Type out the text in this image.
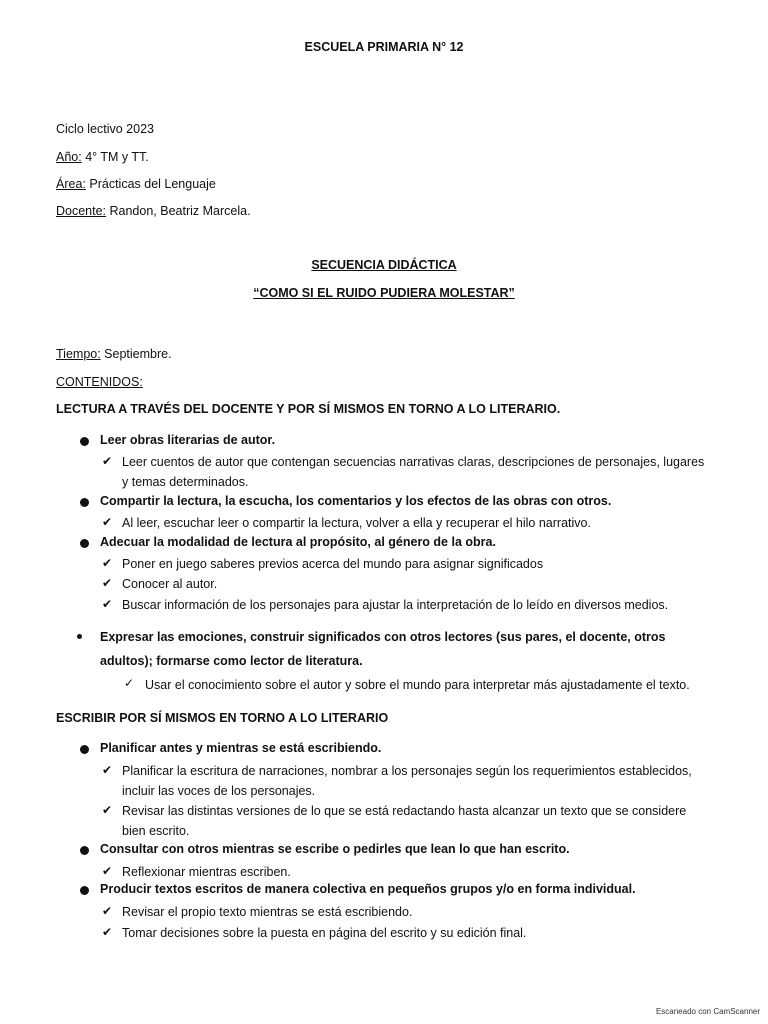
ESCUELA PRIMARIA N° 12
Ciclo lectivo 2023
Año: 4° TM y TT.
Área: Prácticas del Lenguaje
Docente: Randon, Beatriz Marcela.
SECUENCIA DIDÁCTICA
“COMO SI EL RUIDO PUDIERA MOLESTAR”
Tiempo: Septiembre.
CONTENIDOS:
LECTURA A TRAVÉS DEL DOCENTE Y POR SÍ MISMOS EN TORNO A LO LITERARIO.
Leer obras literarias de autor.
✔ Leer cuentos de autor que contengan secuencias narrativas claras, descripciones de personajes, lugares y temas determinados.
Compartir la lectura, la escucha, los comentarios y los efectos de las obras con otros.
✔ Al leer, escuchar leer o compartir la lectura, volver a ella y recuperar el hilo narrativo.
Adecuar la modalidad de lectura al propósito, al género de la obra.
✔ Poner en juego saberes previos acerca del mundo para asignar significados
✔ Conocer al autor.
✔ Buscar información de los personajes para ajustar la interpretación de lo leído en diversos medios.
Expresar las emociones, construir significados con otros lectores (sus pares, el docente, otros adultos); formarse como lector de literatura.
✓ Usar el conocimiento sobre el autor y sobre el mundo para interpretar más ajustadamente el texto.
ESCRIBIR POR SÍ MISMOS EN TORNO A LO LITERARIO
Planificar antes y mientras se está escribiendo.
✔ Planificar la escritura de narraciones, nombrar a los personajes según los requerimientos establecidos, incluir las voces de los personajes.
✔ Revisar las distintas versiones de lo que se está redactando hasta alcanzar un texto que se considere bien escrito.
Consultar con otros mientras se escribe o pedirles que lean lo que han escrito.
✔ Reflexionar mientras escriben.
Producir textos escritos de manera colectiva en pequeños grupos y/o en forma individual.
✔ Revisar el propio texto mientras se está escribiendo.
✔ Tomar decisiones sobre la puesta en página del escrito y su edición final.
Escaneado con CamScanner
